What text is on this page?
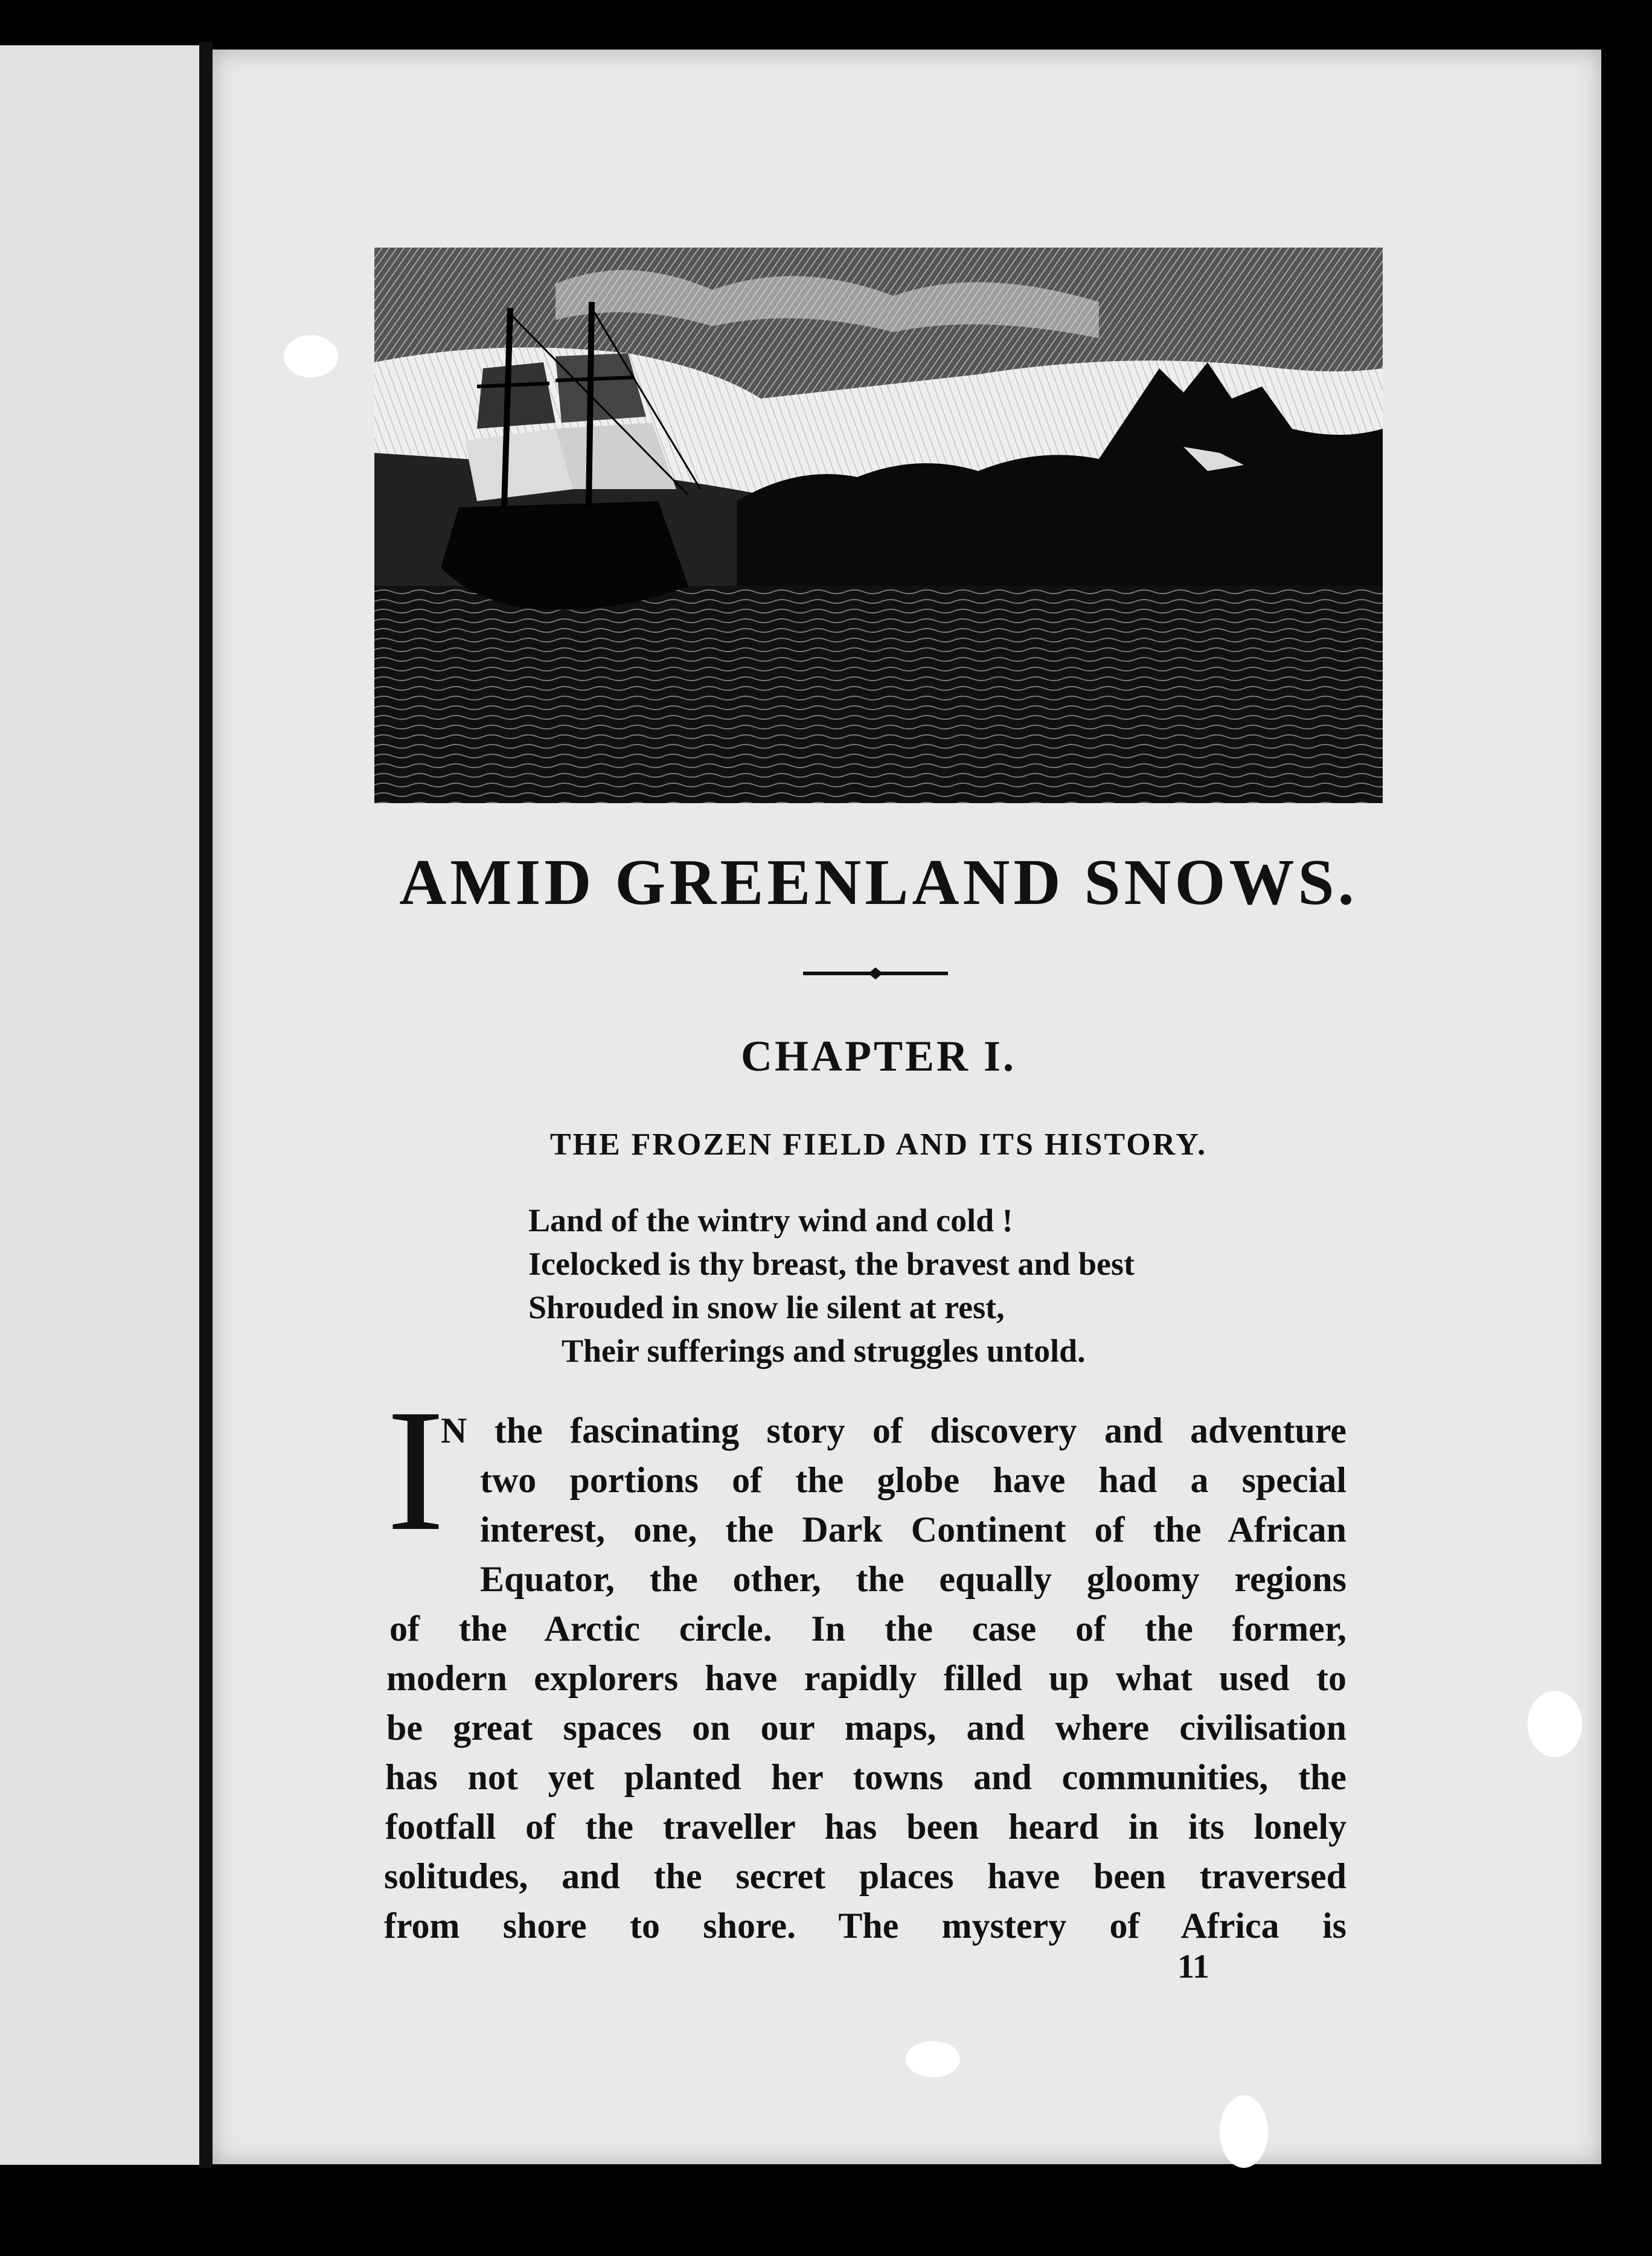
AMID GREENLAND SNOWS.
CHAPTER I.
THE FROZEN FIELD AND ITS HISTORY.
Land of the wintry wind and cold !
Icelocked is thy breast, the bravest and best
Shrouded in snow lie silent at rest,
Their sufferings and struggles untold.
I
N the fascinating story of discovery and adventure
two portions of the globe have had a special
interest, one, the Dark Continent of the African
Equator, the other, the equally gloomy regions
of the Arctic circle. In the case of the former,
modern explorers have rapidly filled up what used to
be great spaces on our maps, and where civilisation
has not yet planted her towns and communities, the
footfall of the traveller has been heard in its lonely
solitudes, and the secret places have been traversed
from shore to shore. The mystery of Africa is
11
